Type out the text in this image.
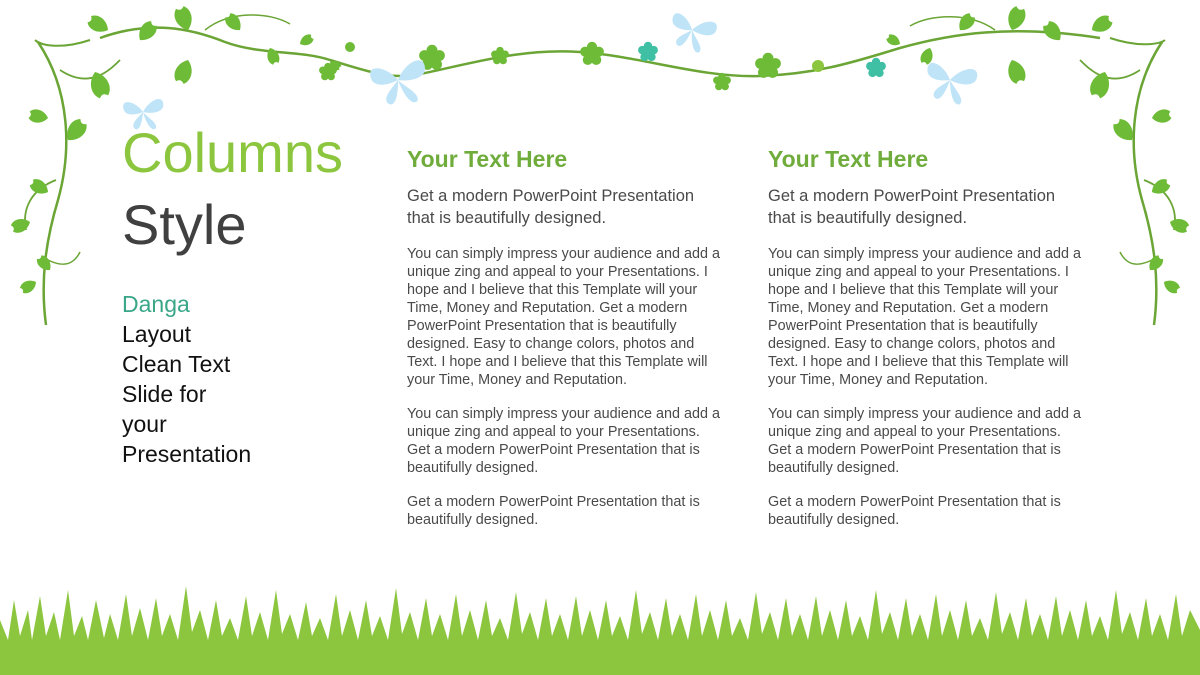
Columns
Style
Danga
Layout
Clean Text
Slide for
your
Presentation
Your Text Here

Get a modern PowerPoint Presentation that is beautifully designed.

You can simply impress your audience and add a unique zing and appeal to your Presentations. I hope and I believe that this Template will your Time, Money and Reputation. Get a modern PowerPoint Presentation that is beautifully designed. Easy to change colors, photos and Text. I hope and I believe that this Template will your Time, Money and Reputation.

You can simply impress your audience and add a unique zing and appeal to your Presentations. Get a modern PowerPoint Presentation that is beautifully designed.

Get a modern PowerPoint Presentation that is beautifully designed.

Your Text Here

Get a modern PowerPoint Presentation that is beautifully designed.

You can simply impress your audience and add a unique zing and appeal to your Presentations. I hope and I believe that this Template will your Time, Money and Reputation. Get a modern PowerPoint Presentation that is beautifully designed. Easy to change colors, photos and Text. I hope and I believe that this Template will your Time, Money and Reputation.

You can simply impress your audience and add a unique zing and appeal to your Presentations. Get a modern PowerPoint Presentation that is beautifully designed.

Get a modern PowerPoint Presentation that is beautifully designed.
